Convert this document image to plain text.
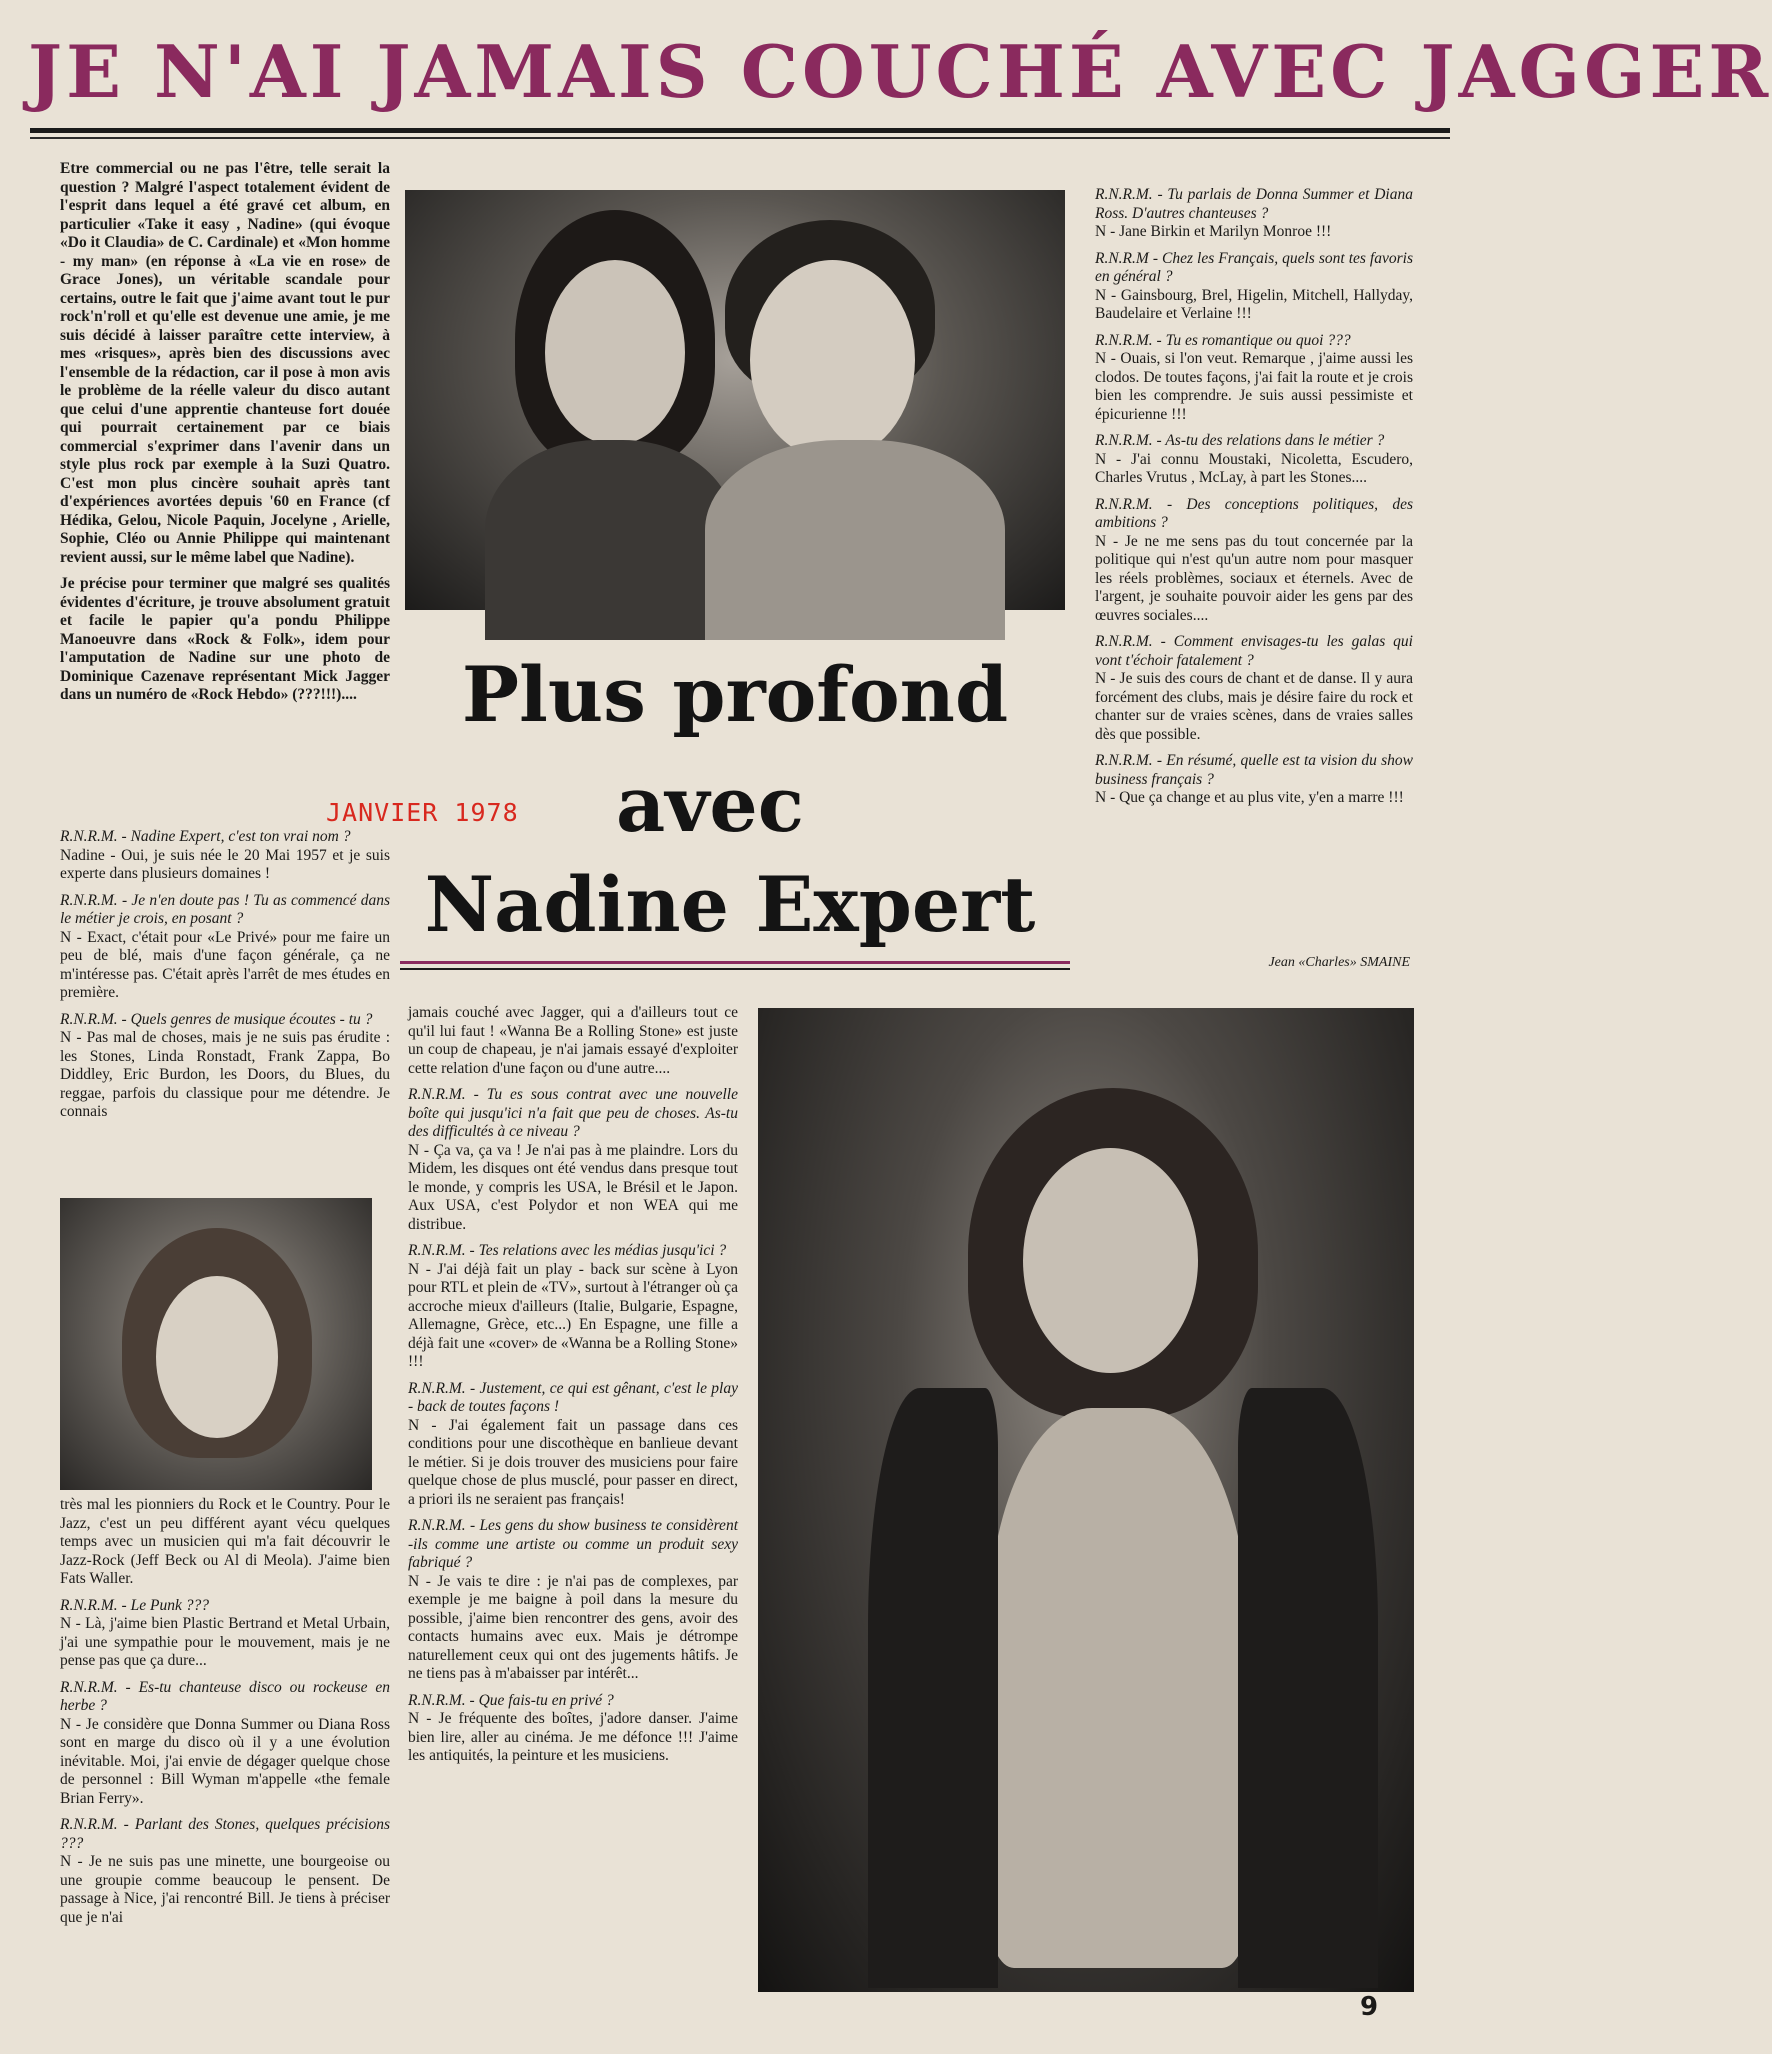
JE N'AI JAMAIS COUCHÉ AVEC JAGGER

Etre commercial ou ne pas l'être, telle serait la question ? Malgré l'aspect totalement évident de l'esprit dans lequel a été gravé cet album, en particulier «Take it easy , Nadine» (qui évoque «Do it Claudia» de C. Cardinale) et «Mon homme - my man» (en réponse à «La vie en rose» de Grace Jones), un véritable scandale pour certains, outre le fait que j'aime avant tout le pur rock'n'roll et qu'elle est devenue une amie, je me suis décidé à laisser paraître cette interview, à mes «risques», après bien des discussions avec l'ensemble de la rédaction, car il pose à mon avis le problème de la réelle valeur du disco autant que celui d'une apprentie chanteuse fort douée qui pourrait certainement par ce biais commercial s'exprimer dans l'avenir dans un style plus rock par exemple à la Suzi Quatro. C'est mon plus cincère souhait après tant d'expériences avortées depuis '60 en France (cf Hédika, Gelou, Nicole Paquin, Jocelyne , Arielle, Sophie, Cléo ou Annie Philippe qui maintenant revient aussi, sur le même label que Nadine).

Je précise pour terminer que malgré ses qualités évidentes d'écriture, je trouve absolument gratuit et facile le papier qu'a pondu Philippe Manoeuvre dans «Rock & Folk», idem pour l'amputation de Nadine sur une photo de Dominique Cazenave représentant Mick Jagger dans un numéro de «Rock Hebdo» (???!!!)....

R.N.R.M. - Nadine Expert, c'est ton vrai nom ?
Nadine - Oui, je suis née le 20 Mai 1957 et je suis experte dans plusieurs domaines !

R.N.R.M. - Je n'en doute pas ! Tu as commencé dans le métier je crois, en posant ?
N - Exact, c'était pour «Le Privé» pour me faire un peu de blé, mais d'une façon générale, ça ne m'intéresse pas. C'était après l'arrêt de mes études en première.

R.N.R.M. - Quels genres de musique écoutes - tu ?
N - Pas mal de choses, mais je ne suis pas érudite : les Stones, Linda Ronstadt, Frank Zappa, Bo Diddley, Eric Burdon, les Doors, du Blues, du reggae, parfois du classique pour me détendre. Je connais

très mal les pionniers du Rock et le Country. Pour le Jazz, c'est un peu différent ayant vécu quelques temps avec un musicien qui m'a fait découvrir le Jazz-Rock (Jeff Beck ou Al di Meola). J'aime bien Fats Waller.

R.N.R.M. - Le Punk ???
N - Là, j'aime bien Plastic Bertrand et Metal Urbain, j'ai une sympathie pour le mouvement, mais je ne pense pas que ça dure...

R.N.R.M. - Es-tu chanteuse disco ou rockeuse en herbe ?
N - Je considère que Donna Summer ou Diana Ross sont en marge du disco où il y a une évolution inévitable. Moi, j'ai envie de dégager quelque chose de personnel : Bill Wyman m'appelle «the female Brian Ferry».

R.N.R.M. - Parlant des Stones, quelques précisions ???
N - Je ne suis pas une minette, une bourgeoise ou une groupie comme beaucoup le pensent. De passage à Nice, j'ai rencontré Bill. Je tiens à préciser que je n'ai

Plus profond
avec
Nadine Expert
JANVIER 1978

R.N.R.M. - Tu parlais de Donna Summer et Diana Ross. D'autres chanteuses ?
N - Jane Birkin et Marilyn Monroe !!!

R.N.R.M - Chez les Français, quels sont tes favoris en général ?
N - Gainsbourg, Brel, Higelin, Mitchell, Hallyday, Baudelaire et Verlaine !!!

R.N.R.M. - Tu es romantique ou quoi ???
N - Ouais, si l'on veut. Remarque , j'aime aussi les clodos. De toutes façons, j'ai fait la route et je crois bien les comprendre. Je suis aussi pessimiste et épicurienne !!!

R.N.R.M. - As-tu des relations dans le métier ?
N - J'ai connu Moustaki, Nicoletta, Escudero, Charles Vrutus , McLay, à part les Stones....

R.N.R.M. - Des conceptions politiques, des ambitions ?
N - Je ne me sens pas du tout concernée par la politique qui n'est qu'un autre nom pour masquer les réels problèmes, sociaux et éternels. Avec de l'argent, je souhaite pouvoir aider les gens par des œuvres sociales....

R.N.R.M. - Comment envisages-tu les galas qui vont t'échoir fatalement ?
N - Je suis des cours de chant et de danse. Il y aura forcément des clubs, mais je désire faire du rock et chanter sur de vraies scènes, dans de vraies salles dès que possible.

R.N.R.M. - En résumé, quelle est ta vision du show business français ?
N - Que ça change et au plus vite, y'en a marre !!!

Jean «Charles» SMAINE

jamais couché avec Jagger, qui a d'ailleurs tout ce qu'il lui faut ! «Wanna Be a Rolling Stone» est juste un coup de chapeau, je n'ai jamais essayé d'exploiter cette relation d'une façon ou d'une autre....

R.N.R.M. - Tu es sous contrat avec une nouvelle boîte qui jusqu'ici n'a fait que peu de choses. As-tu des difficultés à ce niveau ?
N - Ça va, ça va ! Je n'ai pas à me plaindre. Lors du Midem, les disques ont été vendus dans presque tout le monde, y compris les USA, le Brésil et le Japon. Aux USA, c'est Polydor et non WEA qui me distribue.

R.N.R.M. - Tes relations avec les médias jusqu'ici ?
N - J'ai déjà fait un play - back sur scène à Lyon pour RTL et plein de «TV», surtout à l'étranger où ça accroche mieux d'ailleurs (Italie, Bulgarie, Espagne, Allemagne, Grèce, etc...) En Espagne, une fille a déjà fait une «cover» de «Wanna be a Rolling Stone» !!!

R.N.R.M. - Justement, ce qui est gênant, c'est le play - back de toutes façons !
N - J'ai également fait un passage dans ces conditions pour une discothèque en banlieue devant le métier. Si je dois trouver des musiciens pour faire quelque chose de plus musclé, pour passer en direct, a priori ils ne seraient pas français!

R.N.R.M. - Les gens du show business te considèrent -ils comme une artiste ou comme un produit sexy fabriqué ?
N - Je vais te dire : je n'ai pas de complexes, par exemple je me baigne à poil dans la mesure du possible, j'aime bien rencontrer des gens, avoir des contacts humains avec eux. Mais je détrompe naturellement ceux qui ont des jugements hâtifs. Je ne tiens pas à m'abaisser par intérêt...

R.N.R.M. - Que fais-tu en privé ?
N - Je fréquente des boîtes, j'adore danser. J'aime bien lire, aller au cinéma. Je me défonce !!! J'aime les antiquités, la peinture et les musiciens.

9
